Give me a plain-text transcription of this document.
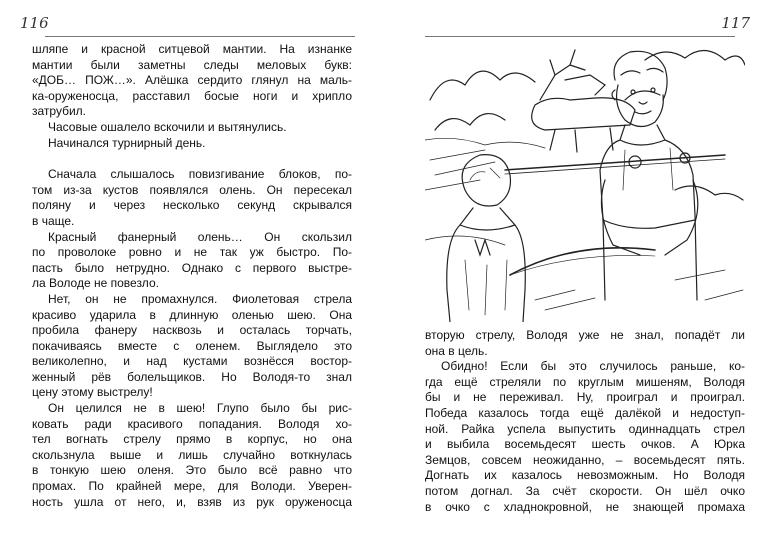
116
шляпе и красной ситцевой мантии. На изнанке
мантии были заметны следы меловых букв:
«ДОБ… ПОЖ…». Алёшка сердито глянул на маль-
ка-оруженосца, расставил босые ноги и хрипло
затрубил.
Часовые ошалело вскочили и вытянулись.
Начинался турнирный день.
Сначала слышалось повизгивание блоков, по-
том из-за кустов появлялся олень. Он пересекал
поляну и через несколько секунд скрывался
в чаще.
Красный фанерный олень… Он скользил
по проволоке ровно и не так уж быстро. По-
пасть было нетрудно. Однако с первого выстре-
ла Володе не повезло.
Нет, он не промахнулся. Фиолетовая стрела
красиво ударила в длинную оленью шею. Она
пробила фанеру насквозь и осталась торчать,
покачиваясь вместе с оленем. Выглядело это
великолепно, и над кустами вознёсся востор-
женный рёв болельщиков. Но Володя-то знал
цену этому выстрелу!
Он целился не в шею! Глупо было бы рис-
ковать ради красивого попадания. Володя хо-
тел вогнать стрелу прямо в корпус, но она
скользнула выше и лишь случайно воткнулась
в тонкую шею оленя. Это было всё равно что
промах. По крайней мере, для Володи. Уверен-
ность ушла от него, и, взяв из рук оруженосца
117
вторую стрелу, Володя уже не знал, попадёт ли
она в цель.
Обидно! Если бы это случилось раньше, ко-
гда ещё стреляли по круглым мишеням, Володя
бы и не переживал. Ну, проиграл и проиграл.
Победа казалось тогда ещё далёкой и недоступ-
ной. Райка успела выпустить одиннадцать стрел
и выбила восемьдесят шесть очков. А Юрка
Земцов, совсем неожиданно, – восемьдесят пять.
Догнать их казалось невозможным. Но Володя
потом догнал. За счёт скорости. Он шёл очко
в очко с хладнокровной, не знающей промаха
